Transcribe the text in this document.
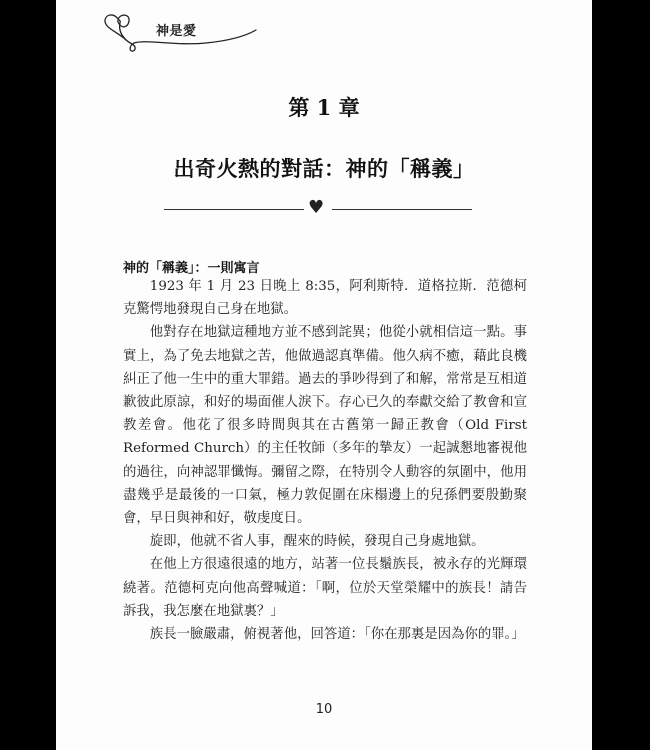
神是愛
第 1 章
出奇火熱的對話：神的「稱義」
♥
神的「稱義」：一則寓言

1923 年 1 月 23 日晚上 8:35，阿利斯特．道格拉斯．范德柯克驚愕地發現自己身在地獄。

他對存在地獄這種地方並不感到詫異；他從小就相信這一點。事實上，為了免去地獄之苦，他做過認真準備。他久病不癒，藉此良機糾正了他一生中的重大罪錯。過去的爭吵得到了和解，常常是互相道歉彼此原諒，和好的場面催人淚下。存心已久的奉獻交給了教會和宣教差會。他花了很多時間與其在古舊第一歸正教會（Old First Reformed Church）的主任牧師（多年的摯友）一起誠懇地審視他的過往，向神認罪懺悔。彌留之際，在特別令人動容的氛圍中，他用盡幾乎是最後的一口氣，極力敦促圍在床榻邊上的兒孫們要殷勤聚會，早日與神和好，敬虔度日。

旋即，他就不省人事，醒來的時候，發現自己身處地獄。

在他上方很遠很遠的地方，站著一位長鬚族長，被永存的光輝環繞著。范德柯克向他高聲喊道：「啊，位於天堂榮耀中的族長！請告訴我，我怎麼在地獄裏？」

族長一臉嚴肅，俯視著他，回答道：「你在那裏是因為你的罪。」

10
